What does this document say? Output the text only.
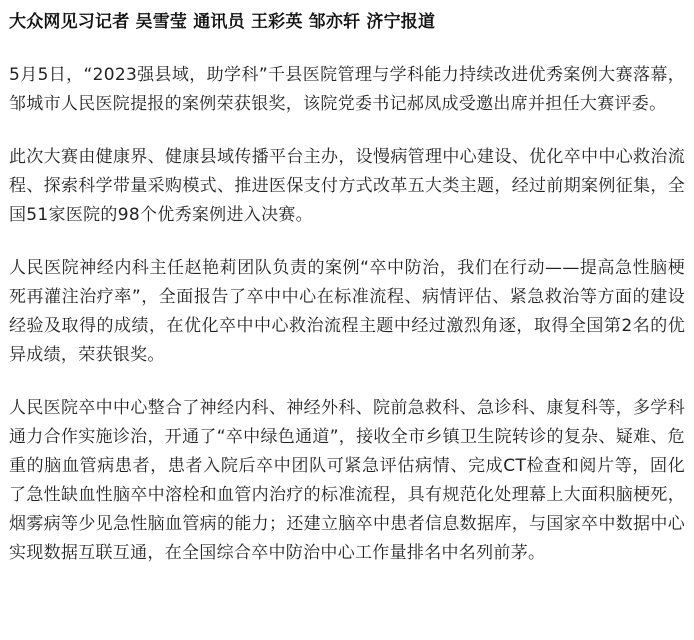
大众网见习记者 吴雪莹 通讯员 王彩英 邹亦轩 济宁报道

5月5日，“2023强县域，助学科”千县医院管理与学科能力持续改进优秀案例大赛落幕，邹城市人民医院提报的案例荣获银奖，该院党委书记郝凤成受邀出席并担任大赛评委。

此次大赛由健康界、健康县域传播平台主办，设慢病管理中心建设、优化卒中中心救治流程、探索科学带量采购模式、推进医保支付方式改革五大类主题，经过前期案例征集，全国51家医院的98个优秀案例进入决赛。

人民医院神经内科主任赵艳莉团队负责的案例“卒中防治，我们在行动——提高急性脑梗死再灌注治疗率”，全面报告了卒中中心在标准流程、病情评估、紧急救治等方面的建设经验及取得的成绩，在优化卒中中心救治流程主题中经过激烈角逐，取得全国第2名的优异成绩，荣获银奖。

人民医院卒中中心整合了神经内科、神经外科、院前急救科、急诊科、康复科等，多学科通力合作实施诊治，开通了“卒中绿色通道”，接收全市乡镇卫生院转诊的复杂、疑难、危重的脑血管病患者，患者入院后卒中团队可紧急评估病情、完成CT检查和阅片等，固化了急性缺血性脑卒中溶栓和血管内治疗的标准流程，具有规范化处理幕上大面积脑梗死，烟雾病等少见急性脑血管病的能力；还建立脑卒中患者信息数据库，与国家卒中数据中心实现数据互联互通，在全国综合卒中防治中心工作量排名中名列前茅。
